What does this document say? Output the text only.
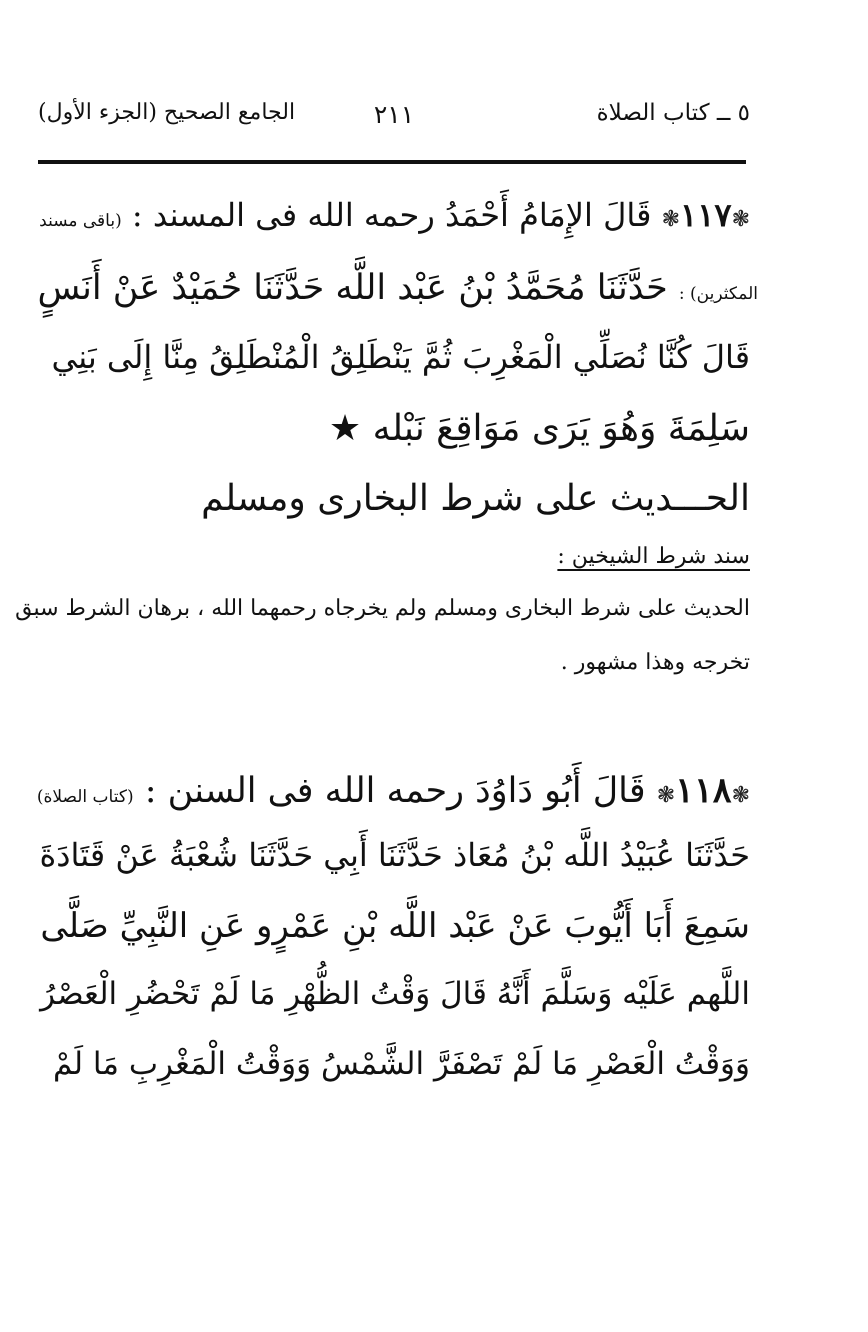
٥ ــ كتاب الصلاة
٢١١
الجامع الصحيح (الجزء الأول)
❃١١٧❃ قَالَ الإِمَامُ أَحْمَدُ رحمه الله فى المسند : (باقى مسند
المكثرين) : حَدَّثَنَا مُحَمَّدُ بْنُ عَبْد اللَّه حَدَّثَنَا حُمَيْدٌ عَنْ أَنَسٍ
قَالَ كُنَّا نُصَلِّي الْمَغْرِبَ ثُمَّ يَنْطَلِقُ الْمُنْطَلِقُ مِنَّا إِلَى بَنِي
سَلِمَةَ وَهُوَ يَرَى مَوَاقِعَ نَبْله ★
الحـــديث على شرط البخارى ومسلم
سند شرط الشيخين :
الحديث على شرط البخارى ومسلم ولم يخرجاه رحمهما الله ، برهان الشرط سبق
تخرجه وهذا مشهور .
❃١١٨❃ قَالَ أَبُو دَاوُدَ رحمه الله فى السنن : (كتاب الصلاة)
حَدَّثَنَا عُبَيْدُ اللَّه بْنُ مُعَاذ حَدَّثَنَا أَبِي حَدَّثَنَا شُعْبَةُ عَنْ قَتَادَةَ
سَمِعَ أَبَا أَيُّوبَ عَنْ عَبْد اللَّه بْنِ عَمْرٍو عَنِ النَّبِيِّ صَلَّى
اللَّهم عَلَيْه وَسَلَّمَ أَنَّهُ قَالَ وَقْتُ الظُّهْرِ مَا لَمْ تَحْضُرِ الْعَصْرُ
وَوَقْتُ الْعَصْرِ مَا لَمْ تَصْفَرَّ الشَّمْسُ وَوَقْتُ الْمَغْرِبِ مَا لَمْ
